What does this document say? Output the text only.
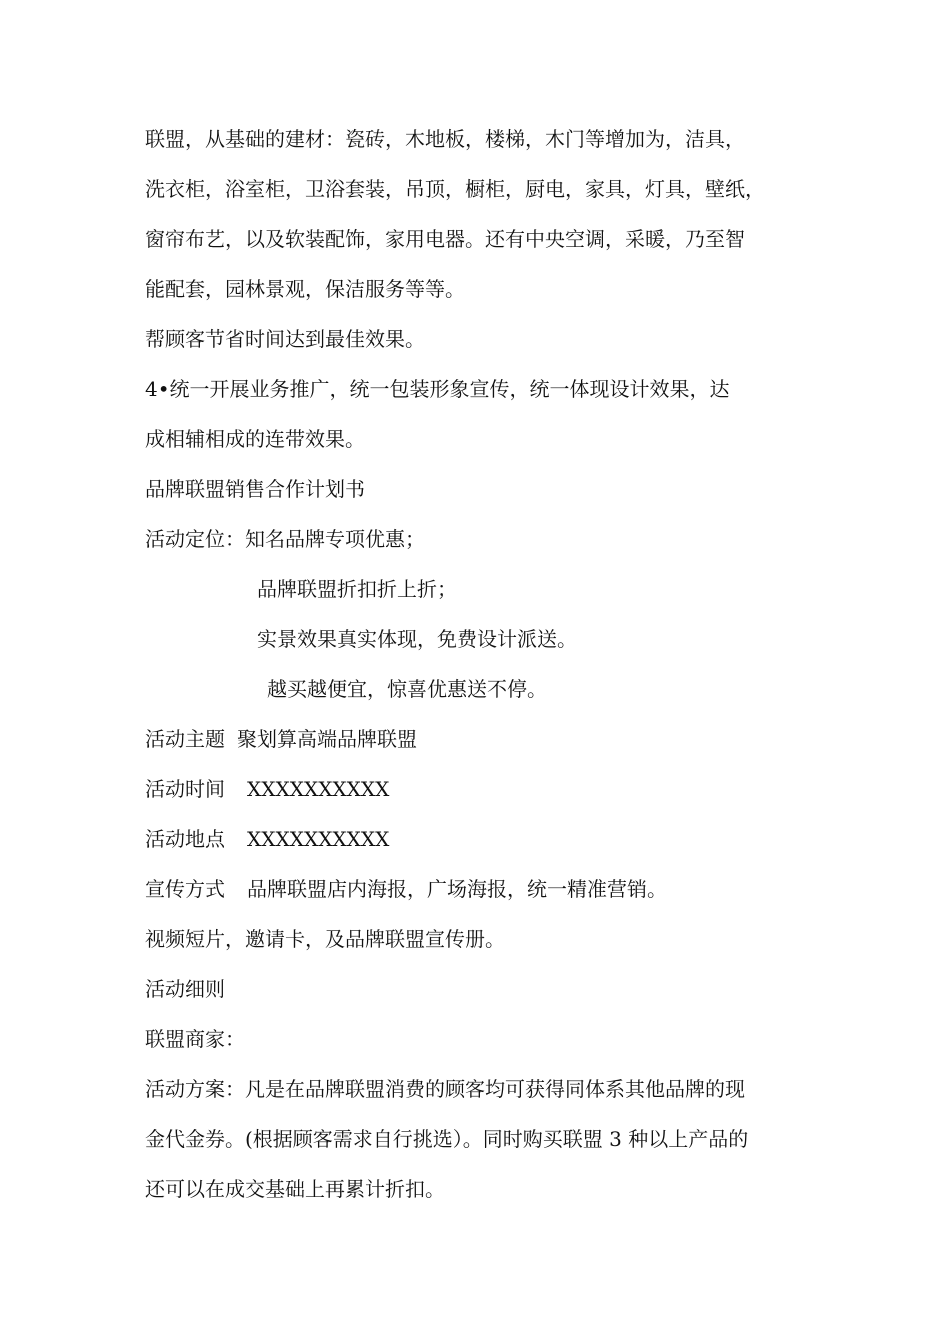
联盟，从基础的建材：瓷砖，木地板，楼梯，木门等增加为，洁具，
洗衣柜，浴室柜，卫浴套装，吊顶，橱柜，厨电，家具，灯具，壁纸，
窗帘布艺，以及软装配饰，家用电器。还有中央空调，采暖，乃至智
能配套，园林景观，保洁服务等等。
帮顾客节省时间达到最佳效果。
4•统一开展业务推广，统一包装形象宣传，统一体现设计效果，达
成相辅相成的连带效果。
品牌联盟销售合作计划书
活动定位：知名品牌专项优惠；
品牌联盟折扣折上折；
实景效果真实体现，免费设计派送。
越买越便宜，惊喜优惠送不停。
活动主题 聚划算高端品牌联盟
活动时间 XXXXXXXXXX
活动地点 XXXXXXXXXX
宣传方式 品牌联盟店内海报，广场海报，统一精准营销。
视频短片，邀请卡，及品牌联盟宣传册。
活动细则
联盟商家：
活动方案：凡是在品牌联盟消费的顾客均可获得同体系其他品牌的现
金代金券。(根据顾客需求自行挑选）。同时购买联盟 3 种以上产品的
还可以在成交基础上再累计折扣。
